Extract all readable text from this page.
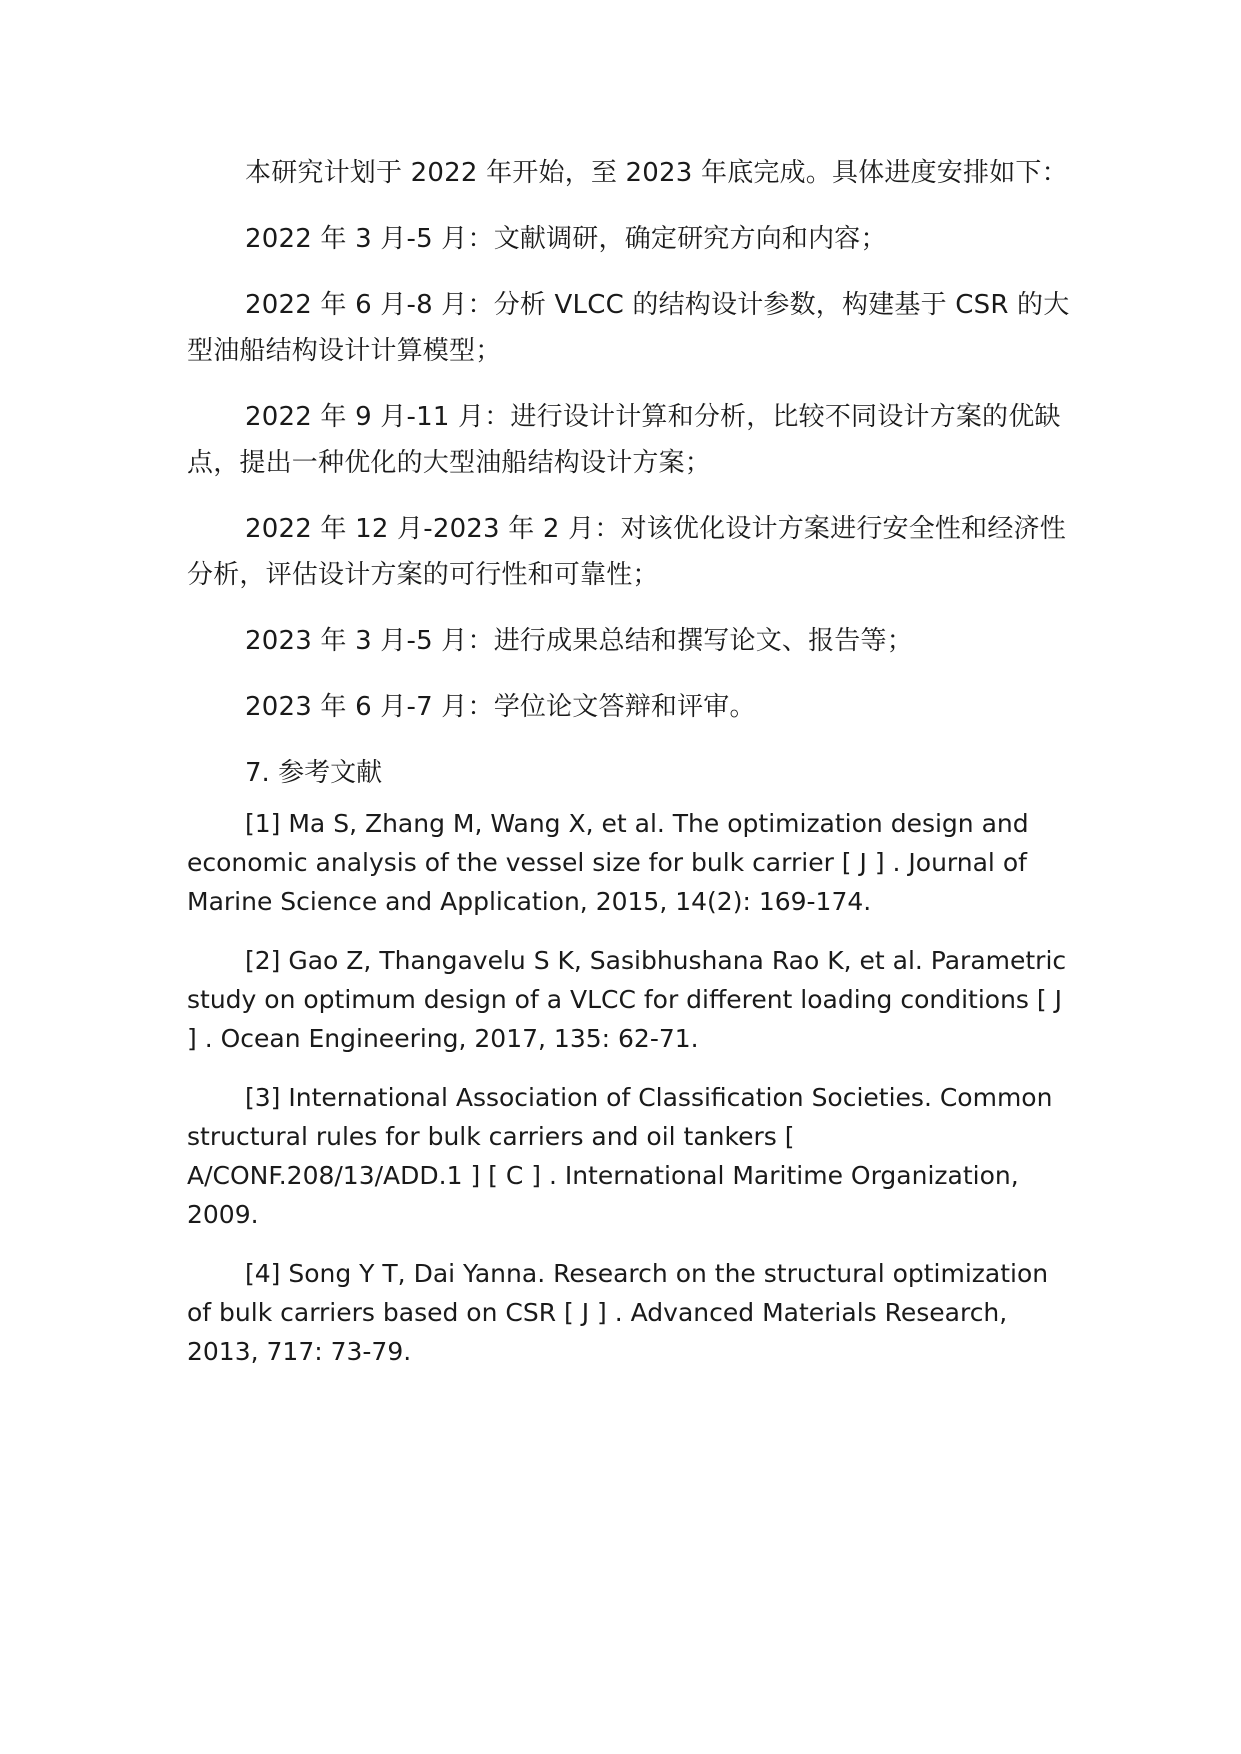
本研究计划于 2022 年开始，至 2023 年底完成。具体进度安排如下：

2022 年 3 月-5 月：文献调研，确定研究方向和内容；

2022 年 6 月-8 月：分析 VLCC 的结构设计参数，构建基于 CSR 的大型油船结构设计计算模型；

2022 年 9 月-11 月：进行设计计算和分析，比较不同设计方案的优缺点，提出一种优化的大型油船结构设计方案；

2022 年 12 月-2023 年 2 月：对该优化设计方案进行安全性和经济性分析，评估设计方案的可行性和可靠性；

2023 年 3 月-5 月：进行成果总结和撰写论文、报告等；

2023 年 6 月-7 月：学位论文答辩和评审。

7. 参考文献

[1] Ma S, Zhang M, Wang X, et al. The optimization design and economic analysis of the vessel size for bulk carrier [ J ] . Journal of Marine Science and Application, 2015, 14(2): 169-174.

[2] Gao Z, Thangavelu S K, Sasibhushana Rao K, et al. Parametric study on optimum design of a VLCC for different loading conditions [ J ] . Ocean Engineering, 2017, 135: 62-71.

[3] International Association of Classification Societies. Common structural rules for bulk carriers and oil tankers [ A/CONF.208/13/ADD.1 ] [ C ] . International Maritime Organization, 2009.

[4] Song Y T, Dai Yanna. Research on the structural optimization of bulk carriers based on CSR [ J ] . Advanced Materials Research, 2013, 717: 73-79.
